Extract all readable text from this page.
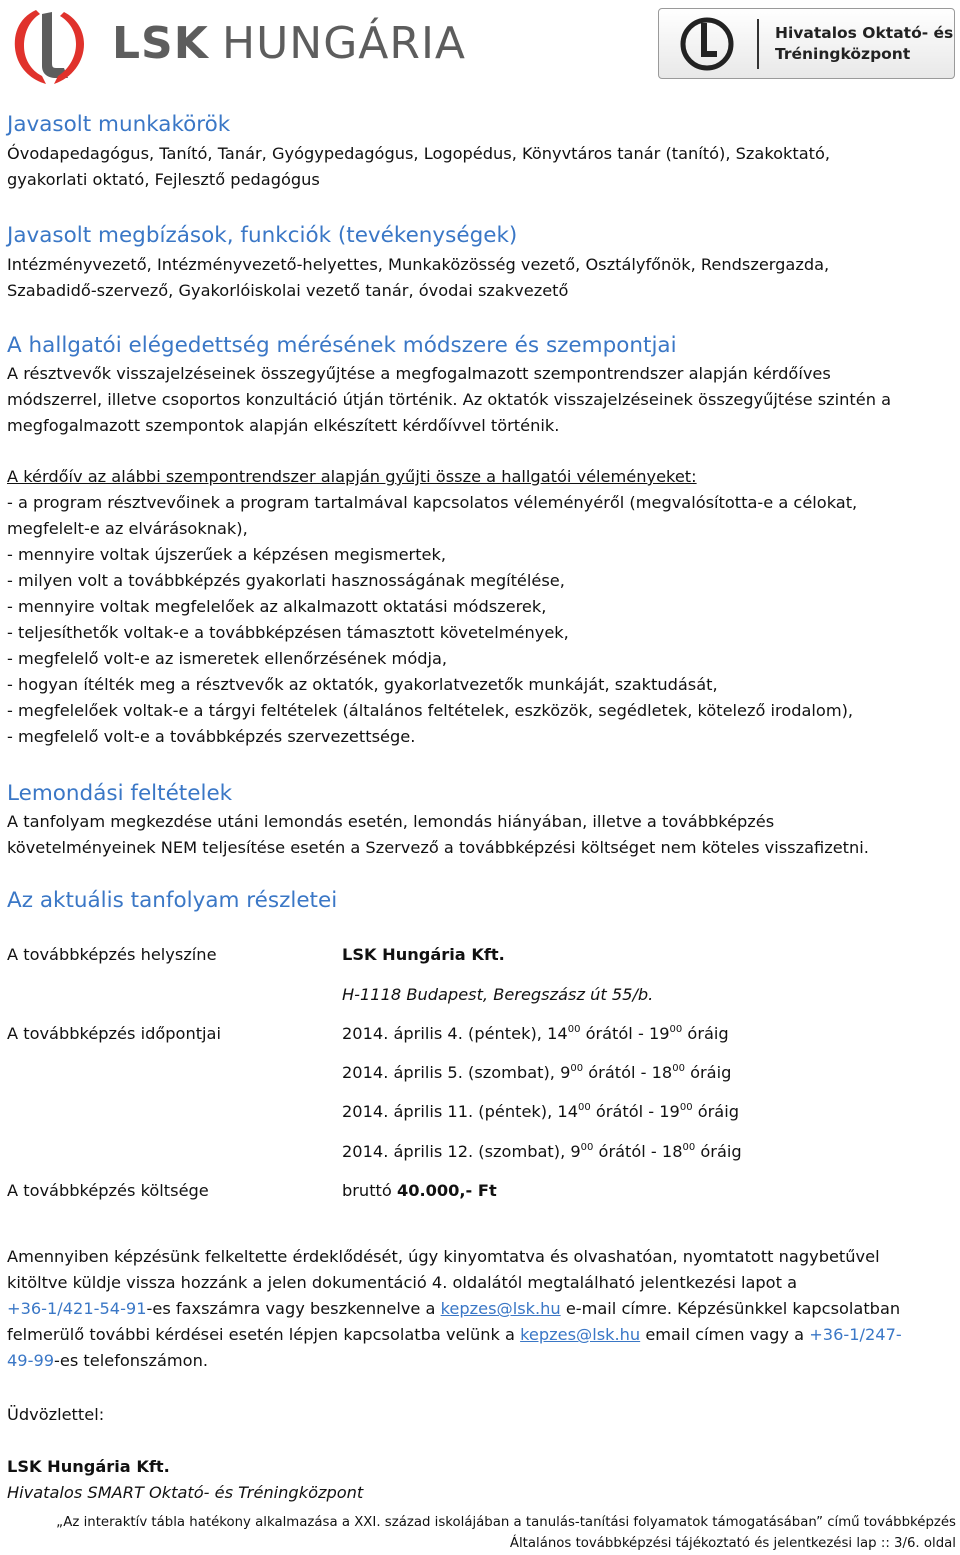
LSK HUNGÁRIA	Hivatalos Oktató- és
Tréningközpont
Javasolt munkakörök
Óvodapedagógus, Tanító, Tanár, Gyógypedagógus, Logopédus, Könyvtáros tanár (tanító), Szakoktató,
gyakorlati oktató, Fejlesztő pedagógus
Javasolt megbízások, funkciók (tevékenységek)
Intézményvezető, Intézményvezető-helyettes, Munkaközösség vezető, Osztályfőnök, Rendszergazda,
Szabadidő-szervező, Gyakorlóiskolai vezető tanár, óvodai szakvezető
A hallgatói elégedettség mérésének módszere és szempontjai
A résztvevők visszajelzéseinek összegyűjtése a megfogalmazott szempontrendszer alapján kérdőíves
módszerrel, illetve csoportos konzultáció útján történik. Az oktatók visszajelzéseinek összegyűjtése szintén a
megfogalmazott szempontok alapján elkészített kérdőívvel történik.
A kérdőív az alábbi szempontrendszer alapján gyűjti össze a hallgatói véleményeket:
- a program résztvevőinek a program tartalmával kapcsolatos véleményéről (megvalósította-e a célokat,
megfelelt-e az elvárásoknak),
- mennyire voltak újszerűek a képzésen megismertek,
- milyen volt a továbbképzés gyakorlati hasznosságának megítélése,
- mennyire voltak megfelelőek az alkalmazott oktatási módszerek,
- teljesíthetők voltak-e a továbbképzésen támasztott követelmények,
- megfelelő volt-e az ismeretek ellenőrzésének módja,
- hogyan ítélték meg a résztvevők az oktatók, gyakorlatvezetők munkáját, szaktudását,
- megfelelőek voltak-e a tárgyi feltételek (általános feltételek, eszközök, segédletek, kötelező irodalom),
- megfelelő volt-e a továbbképzés szervezettsége.
Lemondási feltételek
A tanfolyam megkezdése utáni lemondás esetén, lemondás hiányában, illetve a továbbképzés
követelményeinek NEM teljesítése esetén a Szervező a továbbképzési költséget nem köteles visszafizetni.
Az aktuális tanfolyam részletei
A továbbképzés helyszíne	LSK Hungária Kft.
H-1118 Budapest, Beregszász út 55/b.
A továbbképzés időpontjai	2014. április 4. (péntek), $14^{00}$ órától - $19^{00}$ óráig
2014. április 5. (szombat), $9^{00}$ órától - $18^{00}$ óráig
2014. április 11. (péntek), $14^{00}$ órától - $19^{00}$ óráig
2014. április 12. (szombat), $9^{00}$ órától - $18^{00}$ óráig
A továbbképzés költsége	bruttó 40.000,- Ft
Amennyiben képzésünk felkeltette érdeklődését, úgy kinyomtatva és olvashatóan, nyomtatott nagybetűvel
kitöltve küldje vissza hozzánk a jelen dokumentáció 4. oldalától megtalálható jelentkezési lapot a
+36-1/421-54-91-es faxszámra vagy beszkennelve a kepzes@lsk.hu e-mail címre. Képzésünkkel kapcsolatban
felmerülő további kérdései esetén lépjen kapcsolatba velünk a kepzes@lsk.hu email címen vagy a +36-1/247-
49-99-es telefonszámon.
Üdvözlettel:
LSK Hungária Kft.
Hivatalos SMART Oktató- és Tréningközpont
„Az interaktív tábla hatékony alkalmazása a XXI. század iskolájában a tanulás-tanítási folyamatok támogatásában” című továbbképzés
Általános továbbképzési tájékoztató és jelentkezési lap :: 3/6. oldal
